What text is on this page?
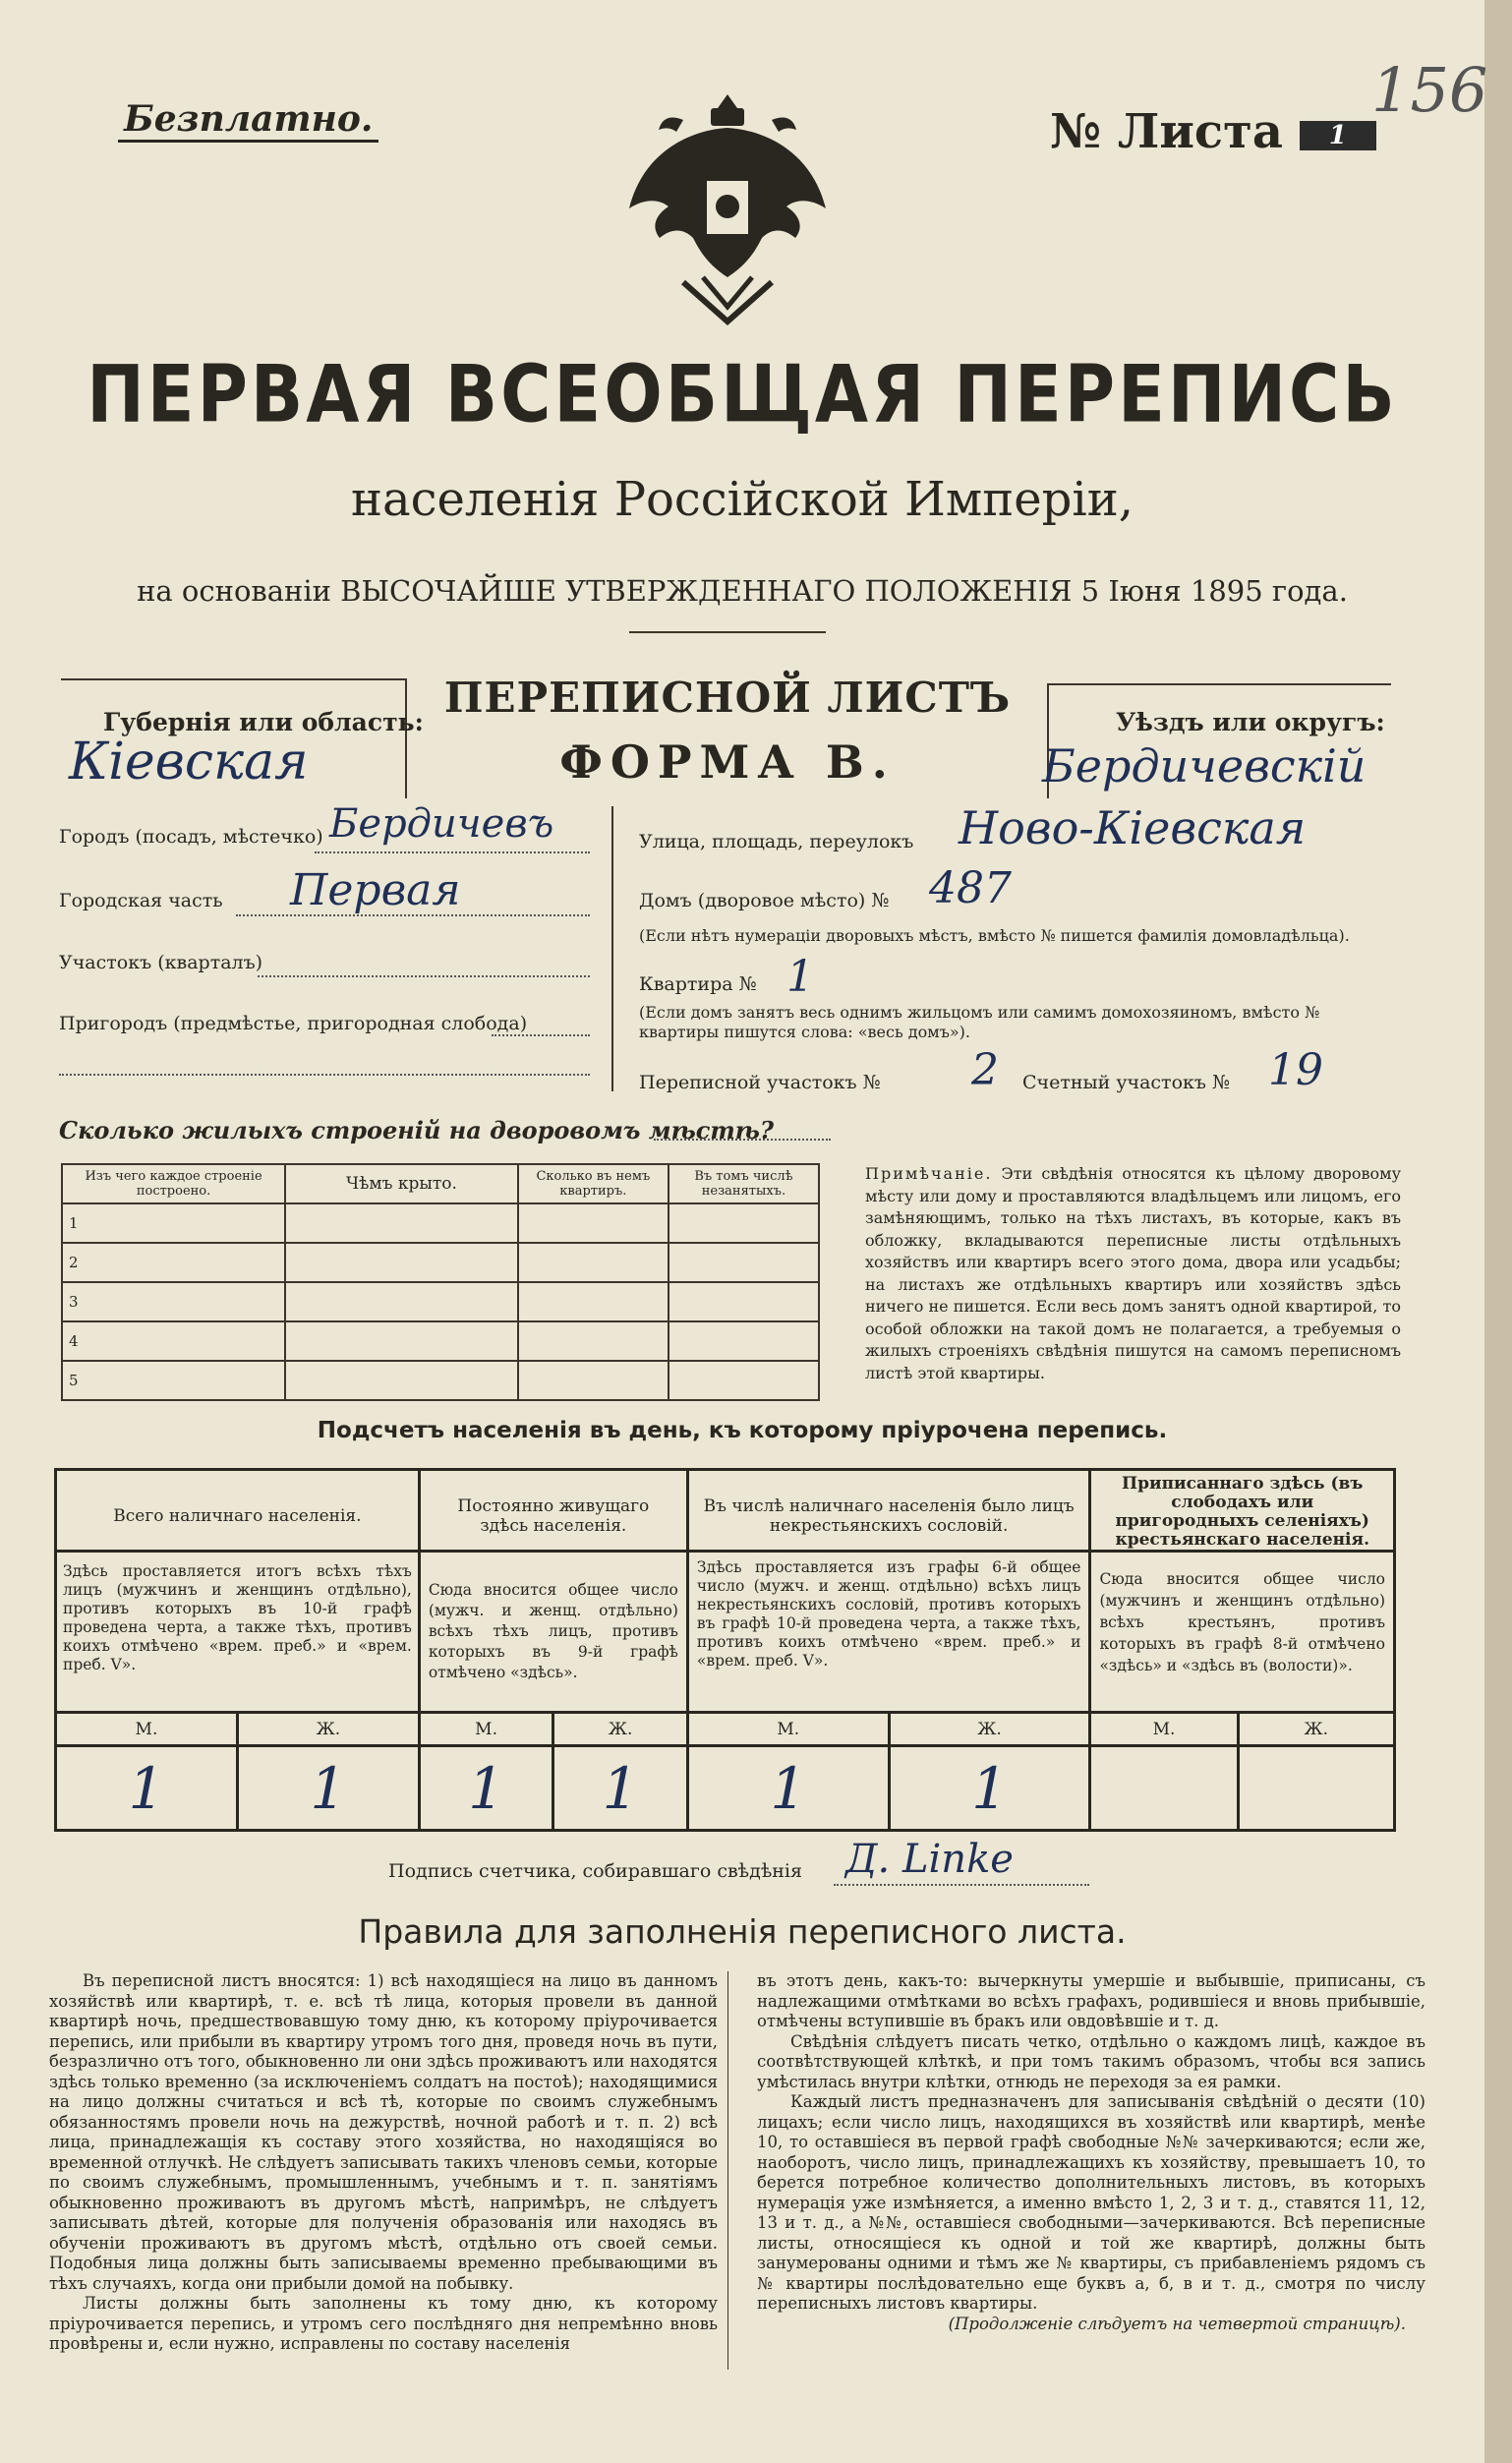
Безплатно.	№ Листа 1
156
ПЕРВАЯ ВСЕОБЩАЯ ПЕРЕПИСЬ
населенія Россійской Имперіи,
на основаніи ВЫСОЧАЙШЕ УТВЕРЖДЕННАГО ПОЛОЖЕНІЯ 5 Іюня 1895 года.
Губернія или область:
Кіевская
ПЕРЕПИСНОЙ ЛИСТЪ
ФОРМА В.
Уѣздъ или округъ:
Бердичевскій
Городъ (посадъ, мѣстечко) Бердичевъ
Городская часть Первая
Участокъ (кварталъ)
Пригородъ (предмѣстье, пригородная слобода)
Улица, площадь, переулокъ Ново-Кіевская
Домъ (дворовое мѣсто) № 487
(Если нѣтъ нумераціи дворовыхъ мѣстъ, вмѣсто № пишется фамилія домовладѣльца).
Квартира № 1
(Если домъ занятъ весь однимъ жильцомъ или самимъ домохозяиномъ, вмѣсто № квартиры пишутся слова: «весь домъ»).
Переписной участокъ № 2 Счетный участокъ № 19
Сколько жилыхъ строеній на дворовомъ мѣстѣ?
Изъ чего каждое строеніе построено.	Чѣмъ крыто.	Сколько въ немъ квартиръ.	Въ томъ числѣ незанятыхъ.
1			
2			
3			
4			
5			
Примѣчаніе. Эти свѣдѣнія относятся къ цѣлому дворовому мѣсту или дому и проставляются владѣльцемъ или лицомъ, его замѣняющимъ, только на тѣхъ листахъ, въ которые, какъ въ обложку, вкладываются переписные листы отдѣльныхъ хозяйствъ или квартиръ всего этого дома, двора или усадьбы; на листахъ же отдѣльныхъ квартиръ или хозяйствъ здѣсь ничего не пишется. Если весь домъ занятъ одной квартирой, то особой обложки на такой домъ не полагается, а требуемыя о жилыхъ строеніяхъ свѣдѣнія пишутся на самомъ переписномъ листѣ этой квартиры.
Подсчетъ населенія въ день, къ которому пріурочена перепись.
Всего наличнаго населенія.		Постоянно живущаго здѣсь населенія.		Въ числѣ наличнаго населенія было лицъ некрестьянскихъ сословій.		Приписаннаго здѣсь (въ слободахъ или пригородныхъ селеніяхъ) крестьянскаго населенія.	
Здѣсь проставляется итогъ всѣхъ тѣхъ лицъ (мужчинъ и женщинъ отдѣльно), противъ которыхъ въ 10-й графѣ проведена черта, а также тѣхъ, противъ коихъ отмѣчено «врем. преб.» и «врем. преб. V».		Сюда вносится общее число (мужч. и женщ. отдѣльно) всѣхъ тѣхъ лицъ, противъ которыхъ въ 9-й графѣ отмѣчено «здѣсь».		Здѣсь проставляется изъ графы 6-й общее число (мужч. и женщ. отдѣльно) всѣхъ лицъ некрестьянскихъ сословій, противъ которыхъ въ графѣ 10-й проведена черта, а также тѣхъ, противъ коихъ отмѣчено «врем. преб.» и «врем. преб. V».		Сюда вносится общее число (мужчинъ и женщинъ отдѣльно) всѣхъ крестьянъ, противъ которыхъ въ графѣ 8-й отмѣчено «здѣсь» и «здѣсь въ (волости)».	
М.	Ж.	М.	Ж.	М.	Ж.	М.	Ж.
1	1	1	1	1	1		
Подпись счетчика, собиравшаго свѣдѣнія Д. Linke
Правила для заполненія переписного листа.

Въ переписной листъ вносятся: 1) всѣ находящіеся на лицо въ данномъ хозяйствѣ или квартирѣ, т. е. всѣ тѣ лица, которыя провели въ данной квартирѣ ночь, предшествовавшую тому дню, къ которому пріурочивается перепись, или прибыли въ квартиру утромъ того дня, проведя ночь въ пути, безразлично отъ того, обыкновенно ли они здѣсь проживаютъ или находятся здѣсь только временно (за исключеніемъ солдатъ на постоѣ); находящимися на лицо должны считаться и всѣ тѣ, которые по своимъ служебнымъ обязанностямъ провели ночь на дежурствѣ, ночной работѣ и т. п. 2) всѣ лица, принадлежащія къ составу этого хозяйства, но находящіяся во временной отлучкѣ. Не слѣдуетъ записывать такихъ членовъ семьи, которые по своимъ служебнымъ, промышленнымъ, учебнымъ и т. п. занятіямъ обыкновенно проживаютъ въ другомъ мѣстѣ, напримѣръ, не слѣдуетъ записывать дѣтей, которые для полученія образованія или находясь въ обученіи проживаютъ въ другомъ мѣстѣ, отдѣльно отъ своей семьи. Подобныя лица должны быть записываемы временно пребывающими въ тѣхъ случаяхъ, когда они прибыли домой на побывку.

Листы должны быть заполнены къ тому дню, къ которому пріурочивается перепись, и утромъ сего послѣдняго дня непремѣнно вновь провѣрены и, если нужно, исправлены по составу населенія

въ этотъ день, какъ-то: вычеркнуты умершіе и выбывшіе, приписаны, съ надлежащими отмѣтками во всѣхъ графахъ, родившіеся и вновь прибывшіе, отмѣчены вступившіе въ бракъ или овдовѣвшіе и т. д.

Свѣдѣнія слѣдуетъ писать четко, отдѣльно о каждомъ лицѣ, каждое въ соотвѣтствующей клѣткѣ, и при томъ такимъ образомъ, чтобы вся запись умѣстилась внутри клѣтки, отнюдь не переходя за ея рамки.

Каждый листъ предназначенъ для записыванія свѣдѣній о десяти (10) лицахъ; если число лицъ, находящихся въ хозяйствѣ или квартирѣ, менѣе 10, то оставшіеся въ первой графѣ свободные №№ зачеркиваются; если же, наоборотъ, число лицъ, принадлежащихъ къ хозяйству, превышаетъ 10, то берется потребное количество дополнительныхъ листовъ, въ которыхъ нумерація уже измѣняется, а именно вмѣсто 1, 2, 3 и т. д., ставятся 11, 12, 13 и т. д., а №№, оставшіеся свободными—зачеркиваются. Всѣ переписные листы, относящіеся къ одной и той же квартирѣ, должны быть занумерованы одними и тѣмъ же № квартиры, съ прибавленіемъ рядомъ съ № квартиры послѣдовательно еще буквъ а, б, в и т. д., смотря по числу переписныхъ листовъ квартиры.

(Продолженіе слѣдуетъ на четвертой страницѣ).
